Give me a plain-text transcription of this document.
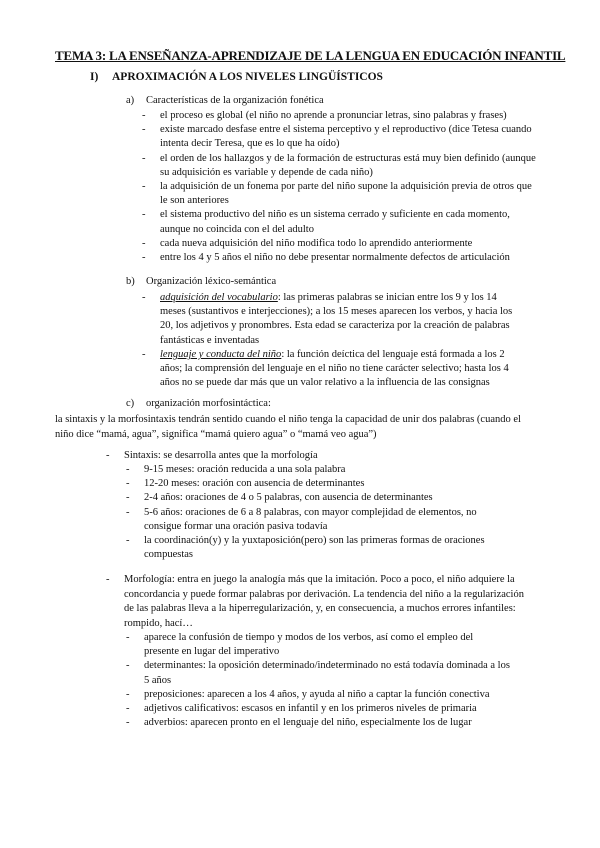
TEMA 3: LA ENSEÑANZA-APRENDIZAJE DE LA LENGUA EN EDUCACIÓN INFANTIL

I) APROXIMACIÓN A LOS NIVELES LINGÜÍSTICOS

a) Características de la organización fonética

- el proceso es global (el niño no aprende a pronunciar letras, sino palabras y frases)
- existe marcado desfase entre el sistema perceptivo y el reproductivo (dice Tetesa cuando intenta decir Teresa, que es lo que ha oído)
- el orden de los hallazgos y de la formación de estructuras está muy bien definido (aunque su adquisición es variable y depende de cada niño)
- la adquisición de un fonema por parte del niño supone la adquisición previa de otros que le son anteriores
- el sistema productivo del niño es un sistema cerrado y suficiente en cada momento, aunque no coincida con el del adulto
- cada nueva adquisición del niño modifica todo lo aprendido anteriormente
- entre los 4 y 5 años el niño no debe presentar normalmente defectos de articulación

b) Organización léxico-semántica

- adquisición del vocabulario: las primeras palabras se inician entre los 9 y los 14 meses (sustantivos e interjecciones); a los 15 meses aparecen los verbos, y hacia los 20, los adjetivos y pronombres. Esta edad se caracteriza por la creación de palabras fantásticas e inventadas
- lenguaje y conducta del niño: la función deíctica del lenguaje está formada a los 2 años; la comprensión del lenguaje en el niño no tiene carácter selectivo; hasta los 4 años no se puede dar más que un valor relativo a la influencia de las consignas

c) organización morfosintáctica:

la sintaxis y la morfosintaxis tendrán sentido cuando el niño tenga la capacidad de unir dos palabras (cuando el niño dice “mamá, agua”, significa “mamá quiero agua” o “mamá veo agua”)

- Sintaxis: se desarrolla antes que la morfología
- 9-15 meses: oración reducida a una sola palabra
- 12-20 meses: oración con ausencia de determinantes
- 2-4 años: oraciones de 4 o 5 palabras, con ausencia de determinantes
- 5-6 años: oraciones de 6 a 8 palabras, con mayor complejidad de elementos, no consigue formar una oración pasiva todavía
- la coordinación(y) y la yuxtaposición(pero) son las primeras formas de oraciones compuestas
- Morfología: entra en juego la analogía más que la imitación. Poco a poco, el niño adquiere la concordancia y puede formar palabras por derivación. La tendencia del niño a la regularización de las palabras lleva a la hiperregularización, y, en consecuencia, a muchos errores infantiles: rompido, hací…
- aparece la confusión de tiempo y modos de los verbos, así como el empleo del presente en lugar del imperativo
- determinantes: la oposición determinado/indeterminado no está todavía dominada a los 5 años
- preposiciones: aparecen a los 4 años, y ayuda al niño a captar la función conectiva
- adjetivos calificativos: escasos en infantil y en los primeros niveles de primaria
- adverbios: aparecen pronto en el lenguaje del niño, especialmente los de lugar
